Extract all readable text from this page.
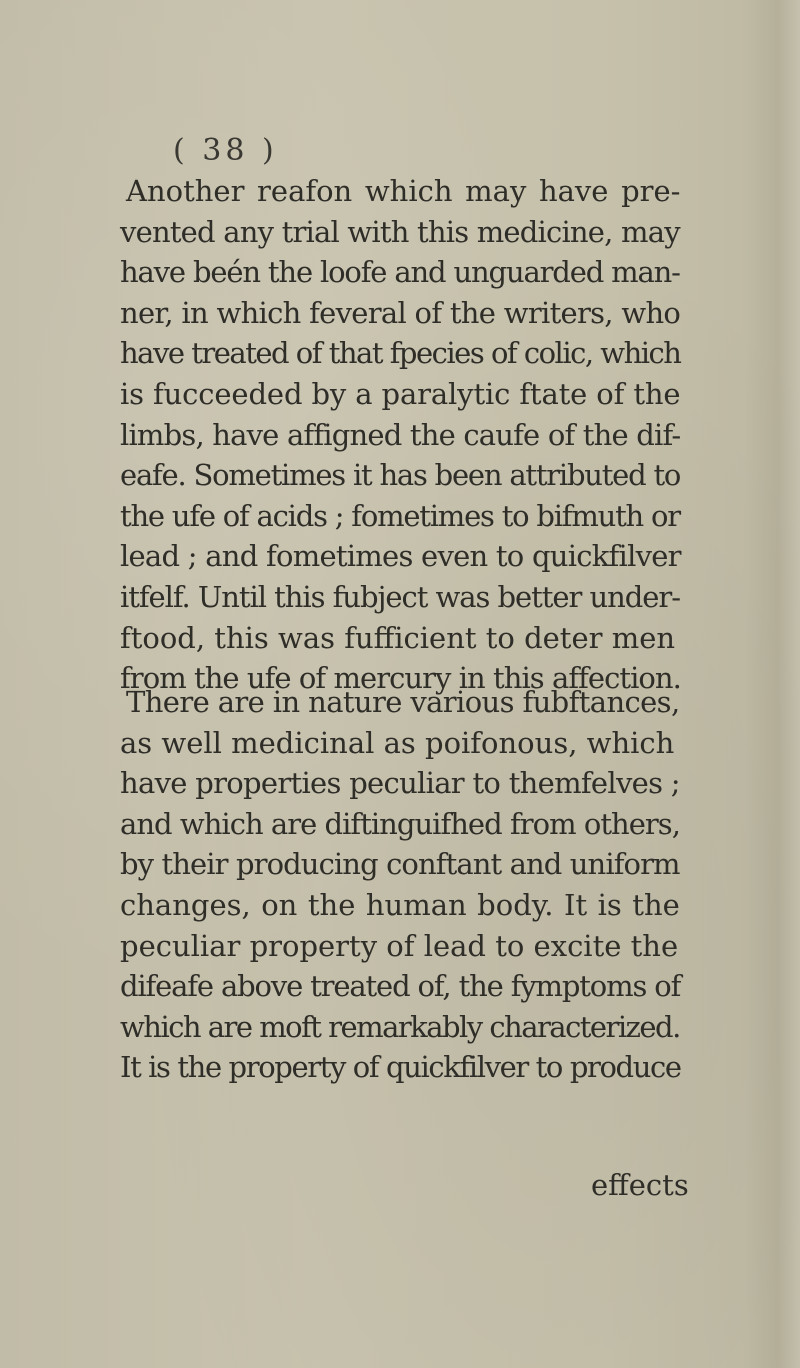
( 38 )
Another reafon which may have pre-
vented any trial with this medicine, may
have beén the loofe and unguarded man-
ner, in which feveral of the writers, who
have treated of that fpecies of colic, which
is fucceeded by a paralytic ftate of the
limbs, have affigned the caufe of the dif-
eafe. Sometimes it has been attributed to
the ufe of acids ; fometimes to bifmuth or
lead ; and fometimes even to quickfilver
itfelf. Until this fubject was better under-
ftood, this was fufficient to deter men
from the ufe of mercury in this affection.
There are in nature various fubftances,
as well medicinal as poifonous, which
have properties peculiar to themfelves ;
and which are diftinguifhed from others,
by their producing conftant and uniform
changes, on the human body. It is the
peculiar property of lead to excite the
difeafe above treated of, the fymptoms of
which are moft remarkably characterized.
It is the property of quickfilver to produce
effects
